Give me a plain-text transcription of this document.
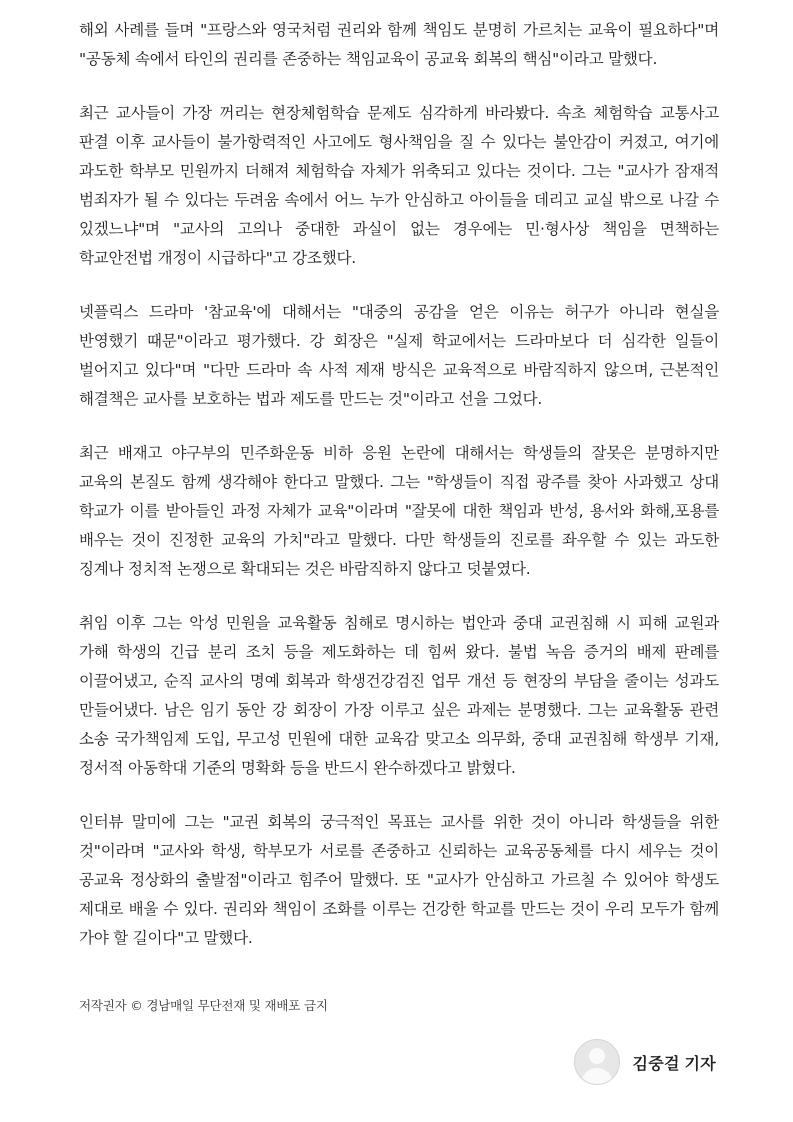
해외 사례를 들며 "프랑스와 영국처럼 권리와 함께 책임도 분명히 가르치는 교육이 필요하다"며 "공동체 속에서 타인의 권리를 존중하는 책임교육이 공교육 회복의 핵심"이라고 말했다.

최근 교사들이 가장 꺼리는 현장체험학습 문제도 심각하게 바라봤다. 속초 체험학습 교통사고 판결 이후 교사들이 불가항력적인 사고에도 형사책임을 질 수 있다는 불안감이 커졌고, 여기에 과도한 학부모 민원까지 더해져 체험학습 자체가 위축되고 있다는 것이다. 그는 "교사가 잠재적 범죄자가 될 수 있다는 두려움 속에서 어느 누가 안심하고 아이들을 데리고 교실 밖으로 나갈 수 있겠느냐"며 "교사의 고의나 중대한 과실이 없는 경우에는 민·형사상 책임을 면책하는 학교안전법 개정이 시급하다"고 강조했다.

넷플릭스 드라마 '참교육'에 대해서는 "대중의 공감을 얻은 이유는 허구가 아니라 현실을 반영했기 때문"이라고 평가했다. 강 회장은 "실제 학교에서는 드라마보다 더 심각한 일들이 벌어지고 있다"며 "다만 드라마 속 사적 제재 방식은 교육적으로 바람직하지 않으며, 근본적인 해결책은 교사를 보호하는 법과 제도를 만드는 것"이라고 선을 그었다.

최근 배재고 야구부의 민주화운동 비하 응원 논란에 대해서는 학생들의 잘못은 분명하지만 교육의 본질도 함께 생각해야 한다고 말했다. 그는 "학생들이 직접 광주를 찾아 사과했고 상대 학교가 이를 받아들인 과정 자체가 교육"이라며 "잘못에 대한 책임과 반성, 용서와 화해,포용를 배우는 것이 진정한 교육의 가치"라고 말했다. 다만 학생들의 진로를 좌우할 수 있는 과도한 징계나 정치적 논쟁으로 확대되는 것은 바람직하지 않다고 덧붙였다.

취임 이후 그는 악성 민원을 교육활동 침해로 명시하는 법안과 중대 교권침해 시 피해 교원과 가해 학생의 긴급 분리 조치 등을 제도화하는 데 힘써 왔다. 불법 녹음 증거의 배제 판례를 이끌어냈고, 순직 교사의 명예 회복과 학생건강검진 업무 개선 등 현장의 부담을 줄이는 성과도 만들어냈다. 남은 임기 동안 강 회장이 가장 이루고 싶은 과제는 분명했다. 그는 교육활동 관련 소송 국가책임제 도입, 무고성 민원에 대한 교육감 맞고소 의무화, 중대 교권침해 학생부 기재, 정서적 아동학대 기준의 명확화 등을 반드시 완수하겠다고 밝혔다.

인터뷰 말미에 그는 "교권 회복의 궁극적인 목표는 교사를 위한 것이 아니라 학생들을 위한 것"이라며 "교사와 학생, 학부모가 서로를 존중하고 신뢰하는 교육공동체를 다시 세우는 것이 공교육 정상화의 출발점"이라고 힘주어 말했다. 또 "교사가 안심하고 가르칠 수 있어야 학생도 제대로 배울 수 있다. 권리와 책임이 조화를 이루는 건강한 학교를 만드는 것이 우리 모두가 함께 가야 할 길이다"고 말했다.

저작권자 © 경남매일 무단전재 및 재배포 금지
김중걸 기자
